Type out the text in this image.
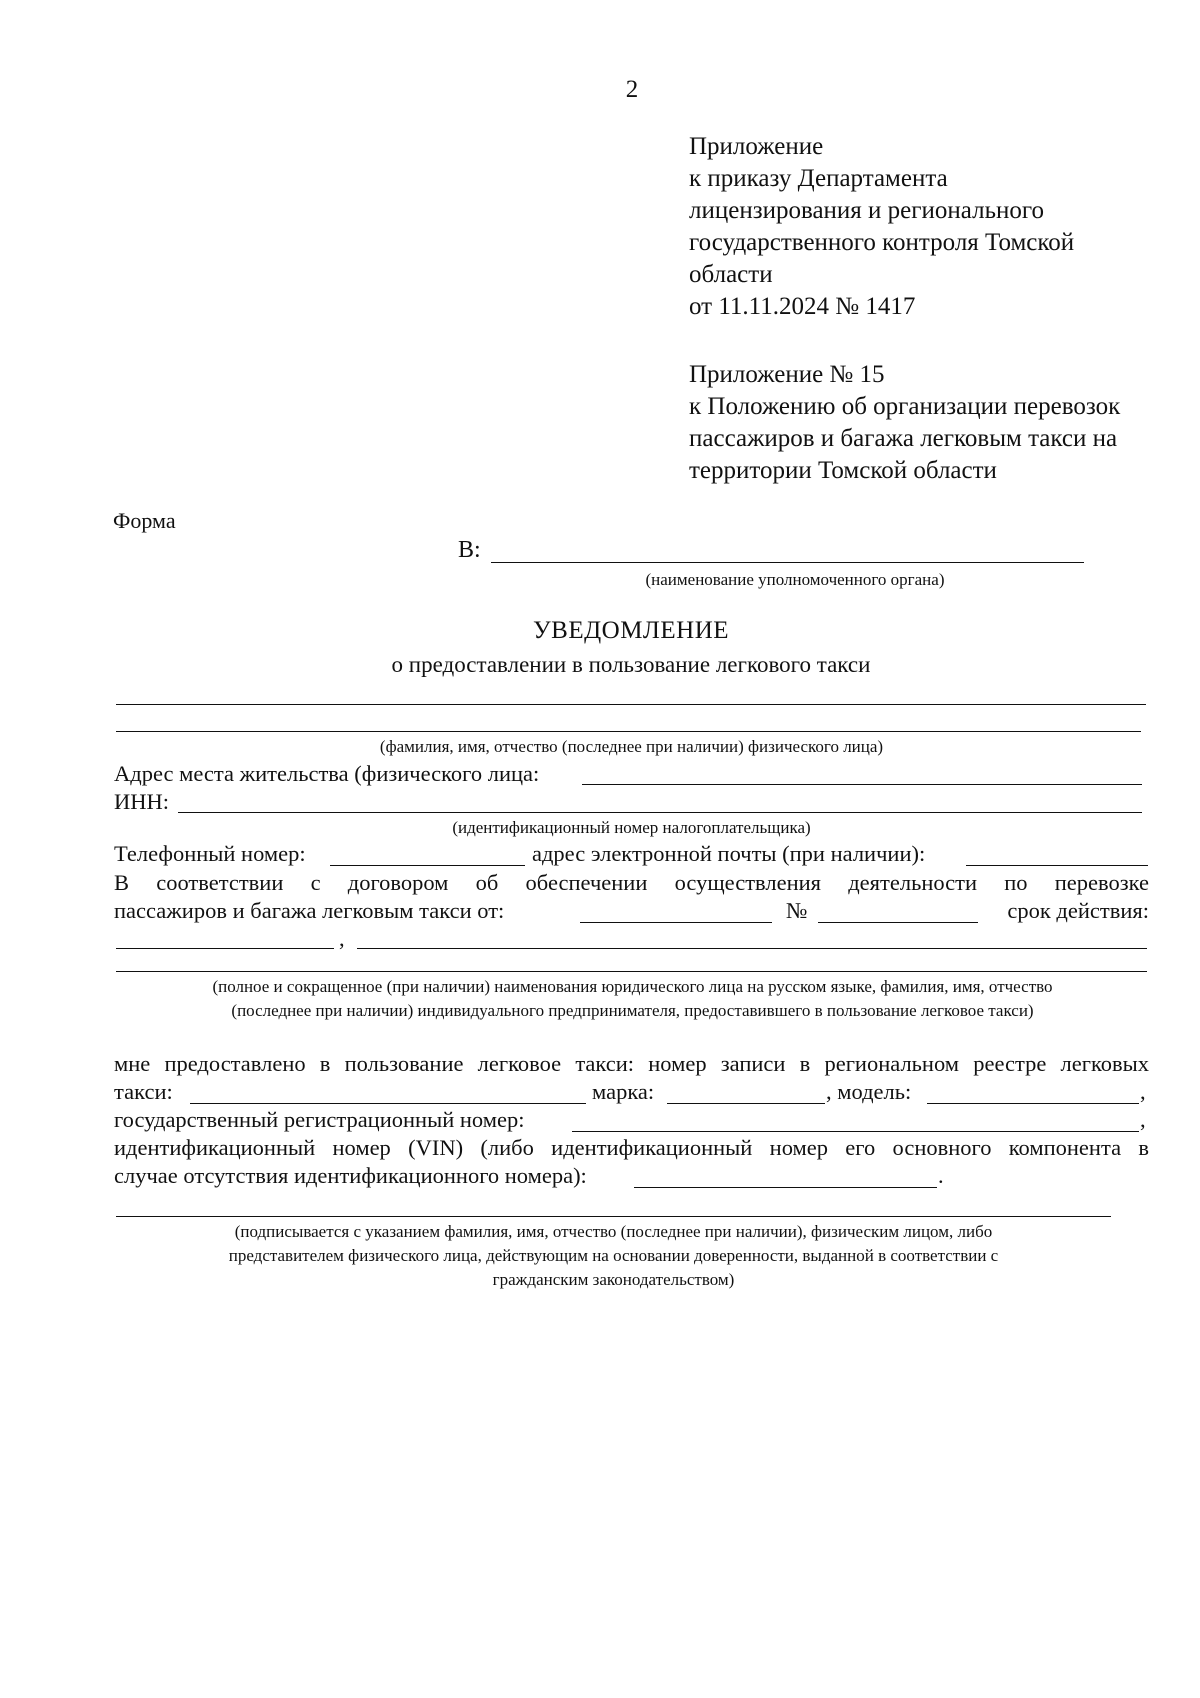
2
Приложение
к приказу Департамента
лицензирования и регионального
государственного контроля Томской
области
от 11.11.2024 № 1417
Приложение № 15
к Положению об организации перевозок
пассажиров и багажа легковым такси на
территории Томской области
Форма
В:
(наименование уполномоченного органа)
УВЕДОМЛЕНИЕ
о предоставлении в пользование легкового такси
(фамилия, имя, отчество (последнее при наличии) физического лица)
Адрес места жительства (физического лица:
ИНН:
(идентификационный номер налогоплательщика)
Телефонный номер:	адрес электронной почты (при наличии):
В соответствии с договором об обеспечении осуществления деятельности по перевозке
пассажиров и багажа легковым такси от:	№	срок действия:
,
(полное и сокращенное (при наличии) наименования юридического лица на русском языке, фамилия, имя, отчество
(последнее при наличии) индивидуального предпринимателя, предоставившего в пользование легковое такси)
мне предоставлено в пользование легковое такси: номер записи в региональном реестре легковых
такси:	марка:	, модель:	,
государственный регистрационный номер:	,
идентификационный номер (VIN) (либо идентификационный номер его основного компонента в
случае отсутствия идентификационного номера):	.
(подписывается с указанием фамилия, имя, отчество (последнее при наличии), физическим лицом, либо
представителем физического лица, действующим на основании доверенности, выданной в соответствии с
гражданским законодательством)
